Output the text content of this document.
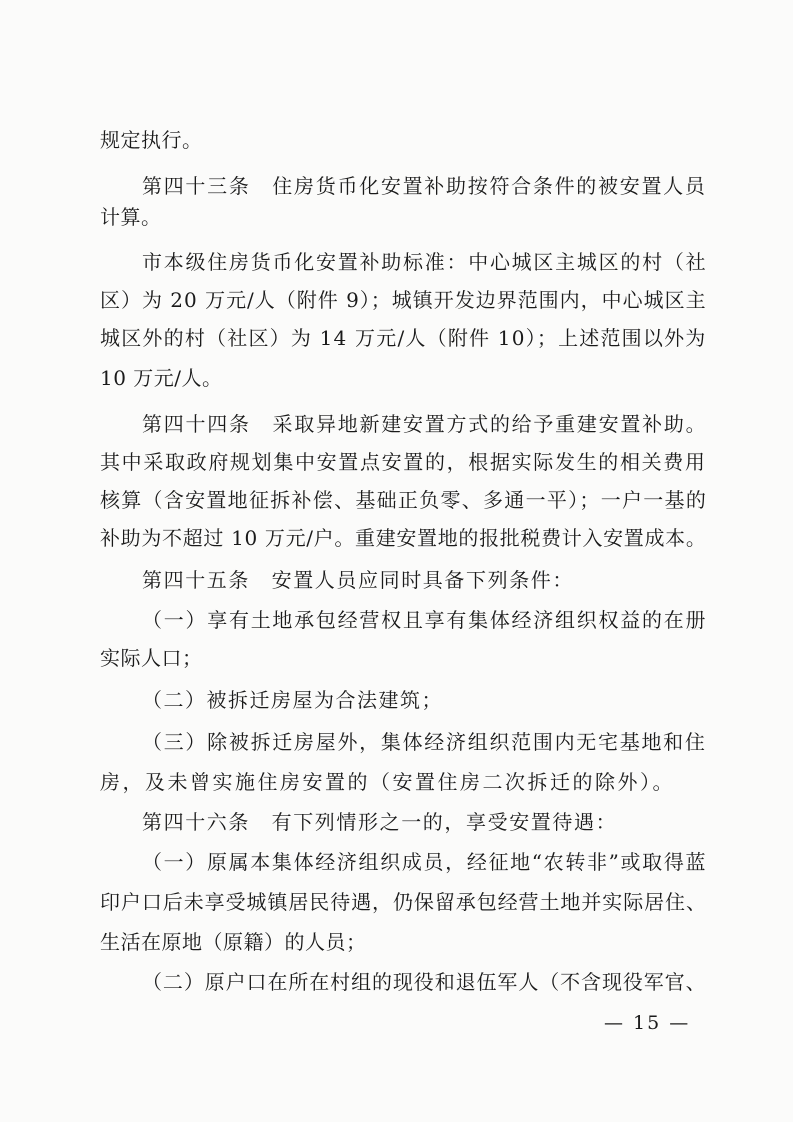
规定执行。
第四十三条　住房货币化安置补助按符合条件的被安置人员
计算。
市本级住房货币化安置补助标准：中心城区主城区的村（社
区）为 20 万元/人（附件 9）；城镇开发边界范围内，中心城区主
城区外的村（社区）为 14 万元/人（附件 10）；上述范围以外为
10 万元/人。
第四十四条　采取异地新建安置方式的给予重建安置补助。
其中采取政府规划集中安置点安置的，根据实际发生的相关费用
核算（含安置地征拆补偿、基础正负零、多通一平）；一户一基的
补助为不超过 10 万元/户。重建安置地的报批税费计入安置成本。
第四十五条　安置人员应同时具备下列条件：
（一）享有土地承包经营权且享有集体经济组织权益的在册
实际人口；
（二）被拆迁房屋为合法建筑；
（三）除被拆迁房屋外，集体经济组织范围内无宅基地和住
房，及未曾实施住房安置的（安置住房二次拆迁的除外）。
第四十六条　有下列情形之一的，享受安置待遇：
（一）原属本集体经济组织成员，经征地“农转非”或取得蓝
印户口后未享受城镇居民待遇，仍保留承包经营土地并实际居住、
生活在原地（原籍）的人员；
（二）原户口在所在村组的现役和退伍军人（不含现役军官、
— 15 —
